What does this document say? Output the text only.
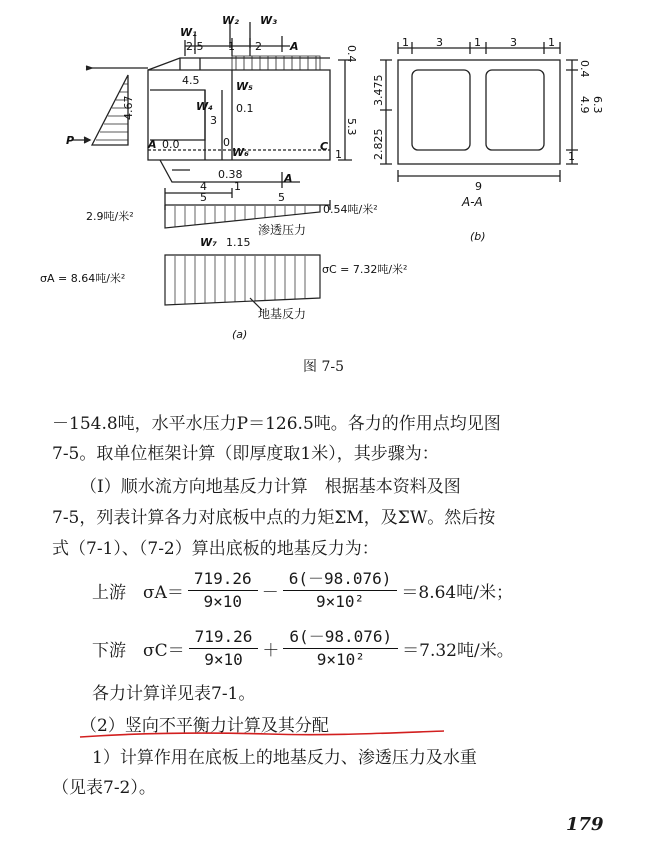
W₁
W₂ W₃
W₄
W₅
W₆
W₇
2.5 1 2	A
4.5
3
0.1
0
5.3
0.4
4.67
P	A 0.0	C
1
0.38	A
4 1
5	5
1.15
2.9吨/米²
0.54吨/米²
渗透压力
σA = 8.64吨/米²
σC = 7.32吨/米²
地基反力
(a)
1 3	1	3	1
2.825
3.475
0.4
4.9 6.3
1
9
A-A
(b)
图 7-5
－154.8吨，水平水压力P＝126.5吨。各力的作用点均见图
7-5。取单位框架计算（即厚度取1米），其步骤为：
（Ⅰ）顺水流方向地基反力计算　根据基本资料及图
7-5，列表计算各力对底板中点的力矩ΣM，及ΣW。然后按
式（7-1）、（7-2）算出底板的地基反力为：
上游　$\sigma A= \frac{719.26}{9\times 10} - \frac{6(-98.076)}{\text{9×10²}} =8.64$吨/米；
下游　$\sigma C= \frac{719.26}{9\times 10} + \frac{6(-98.076)}{\text{9×10²}} =7.32$吨/米。
各力计算详见表7-1。
（2）竖向不平衡力计算及其分配
1）计算作用在底板上的地基反力、渗透压力及水重
（见表7-2）。
179
